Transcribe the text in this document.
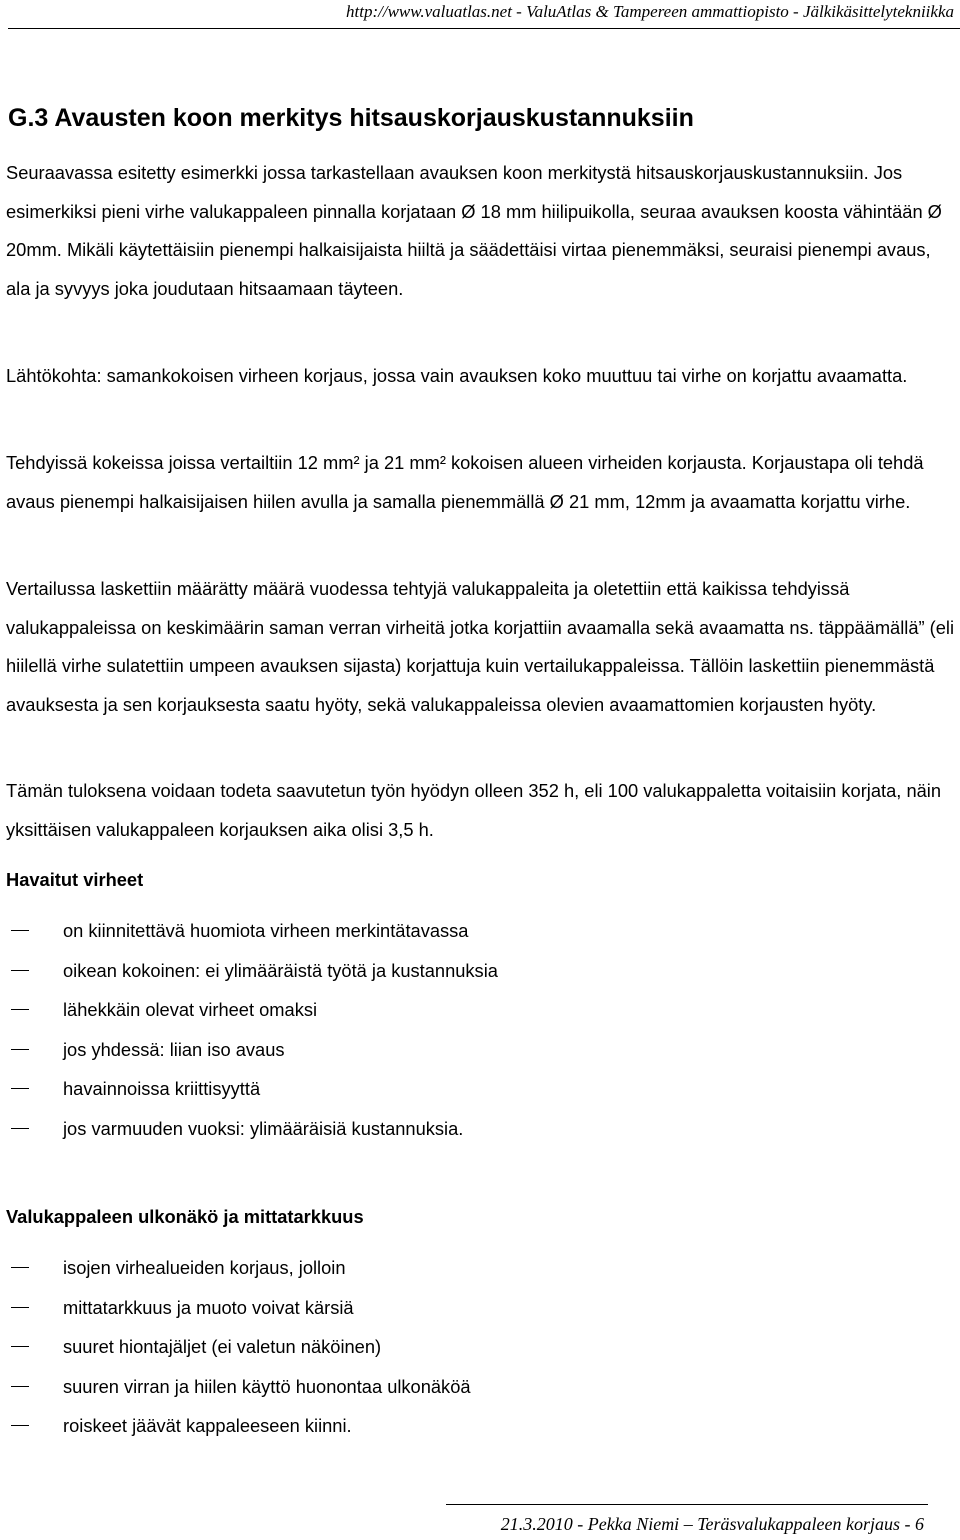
http://www.valuatlas.net - ValuAtlas & Tampereen ammattiopisto - Jälkikäsittelytekniikka
G.3 Avausten koon merkitys hitsauskorjauskustannuksiin

Seuraavassa esitetty esimerkki jossa tarkastellaan avauksen koon merkitystä hitsauskorjauskustannuksiin. Jos esimerkiksi pieni virhe valukappaleen pinnalla korjataan Ø 18 mm hiilipuikolla, seuraa avauksen koosta vähintään Ø 20mm. Mikäli käytettäisiin pienempi halkaisijaista hiiltä ja säädettäisi virtaa pienemmäksi, seuraisi pienempi avaus, ala ja syvyys joka joudutaan hitsaamaan täyteen.

Lähtökohta: samankokoisen virheen korjaus, jossa vain avauksen koko muuttuu tai virhe on korjattu avaamatta.

Tehdyissä kokeissa joissa vertailtiin 12 mm² ja 21 mm² kokoisen alueen virheiden korjausta. Korjaustapa oli tehdä avaus pienempi halkaisijaisen hiilen avulla ja samalla pienemmällä Ø 21 mm, 12mm ja avaamatta korjattu virhe.

Vertailussa laskettiin määrätty määrä vuodessa tehtyjä valukappaleita ja oletettiin että kaikissa tehdyissä valukappaleissa on keskimäärin saman verran virheitä jotka korjattiin avaamalla sekä avaamatta ns. täppäämällä” (eli hiilellä virhe sulatettiin umpeen avauksen sijasta) korjattuja kuin vertailukappaleissa. Tällöin laskettiin pienemmästä avauksesta ja sen korjauksesta saatu hyöty, sekä valukappaleissa olevien avaamattomien korjausten hyöty.

Tämän tuloksena voidaan todeta saavutetun työn hyödyn olleen 352 h, eli 100 valukappaletta voitaisiin korjata, näin yksittäisen valukappaleen korjauksen aika olisi 3,5 h.

Havaitut virheet
on kiinnitettävä huomiota virheen merkintätavassa
oikean kokoinen: ei ylimääräistä työtä ja kustannuksia
lähekkäin olevat virheet omaksi
jos yhdessä: liian iso avaus
havainnoissa kriittisyyttä
jos varmuuden vuoksi: ylimääräisiä kustannuksia.
Valukappaleen ulkonäkö ja mittatarkkuus
isojen virhealueiden korjaus, jolloin
mittatarkkuus ja muoto voivat kärsiä
suuret hiontajäljet (ei valetun näköinen)
suuren virran ja hiilen käyttö huonontaa ulkonäköä
roiskeet jäävät kappaleeseen kiinni.
21.3.2010 - Pekka Niemi – Teräsvalukappaleen korjaus - 6
